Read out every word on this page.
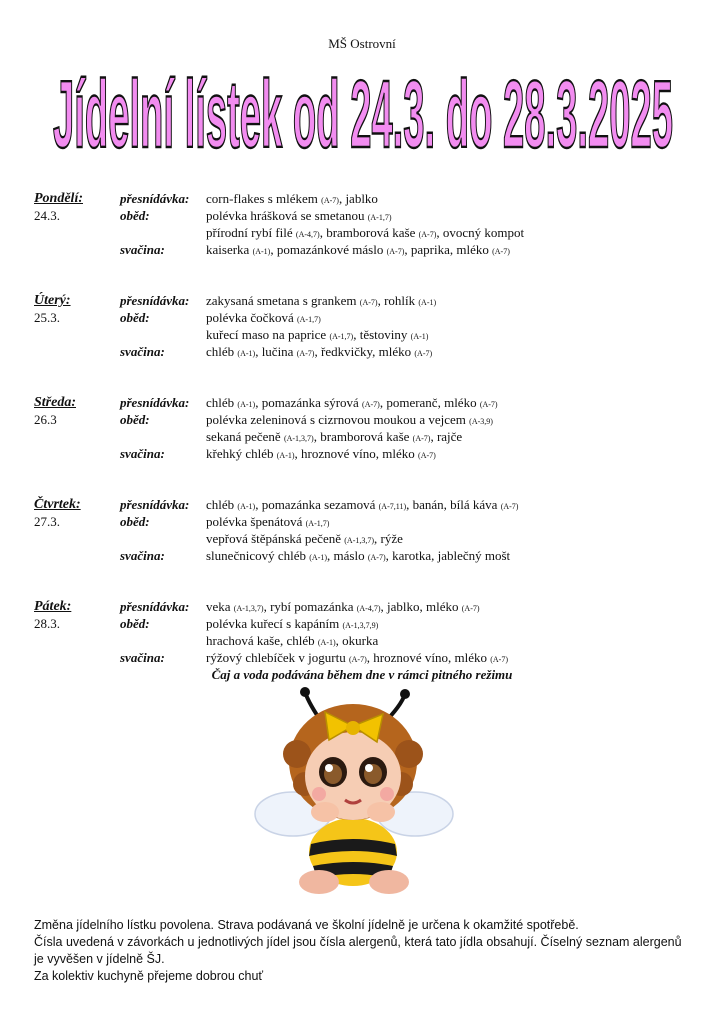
MŠ Ostrovní
Jídelní lístek od 24.3. do 28.3.2025
Pondělí:	přesnídávka: corn-flakes s mlékem (A-7), jablko
24.3.	oběd:	polévka hrášková se smetanou (A-1,7)
přírodní rybí filé (A-4,7), bramborová kaše (A-7), ovocný kompot
svačina:	kaiserka (A-1), pomazánkové máslo (A-7), paprika, mléko (A-7)
Úterý:	přesnídávka: zakysaná smetana s grankem (A-7), rohlík (A-1)
25.3.	oběd:	polévka čočková (A-1,7)
kuřecí maso na paprice (A-1,7), těstoviny (A-1)
svačina:	chléb (A-1), lučina (A-7), ředkvičky, mléko (A-7)
Středa:	přesnídávka: chléb (A-1), pomazánka sýrová (A-7), pomeranč, mléko (A-7)
26.3	oběd:	polévka zeleninová s cizrnovou moukou a vejcem (A-3,9)
sekaná pečeně (A-1,3,7), bramborová kaše (A-7), rajče
svačina:	křehký chléb (A-1), hroznové víno, mléko (A-7)
Čtvrtek:	přesnídávka: chléb (A-1), pomazánka sezamová (A-7,11), banán, bílá káva (A-7)
27.3.	oběd:	polévka špenátová (A-1,7)
vepřová štěpánská pečeně (A-1,3,7), rýže
svačina:	slunečnicový chléb (A-1), máslo (A-7), karotka, jablečný mošt
Pátek:	přesnídávka: veka (A-1,3,7), rybí pomazánka (A-4,7), jablko, mléko (A-7)
28.3.	oběd:	polévka kuřecí s kapáním (A-1,3,7,9)
hrachová kaše, chléb (A-1), okurka
svačina:	rýžový chlebíček v jogurtu (A-7), hroznové víno, mléko (A-7)
Čaj a voda podávána během dne v rámci pitného režimu
Změna jídelního lístku povolena. Strava podávaná ve školní jídelně je určena k okamžité spotřebě.
Čísla uvedená v závorkách u jednotlivých jídel jsou čísla alergenů, která tato jídla obsahují. Číselný seznam alergenů je vyvěšen v jídelně ŠJ.
Za kolektiv kuchyně přejeme dobrou chuť
